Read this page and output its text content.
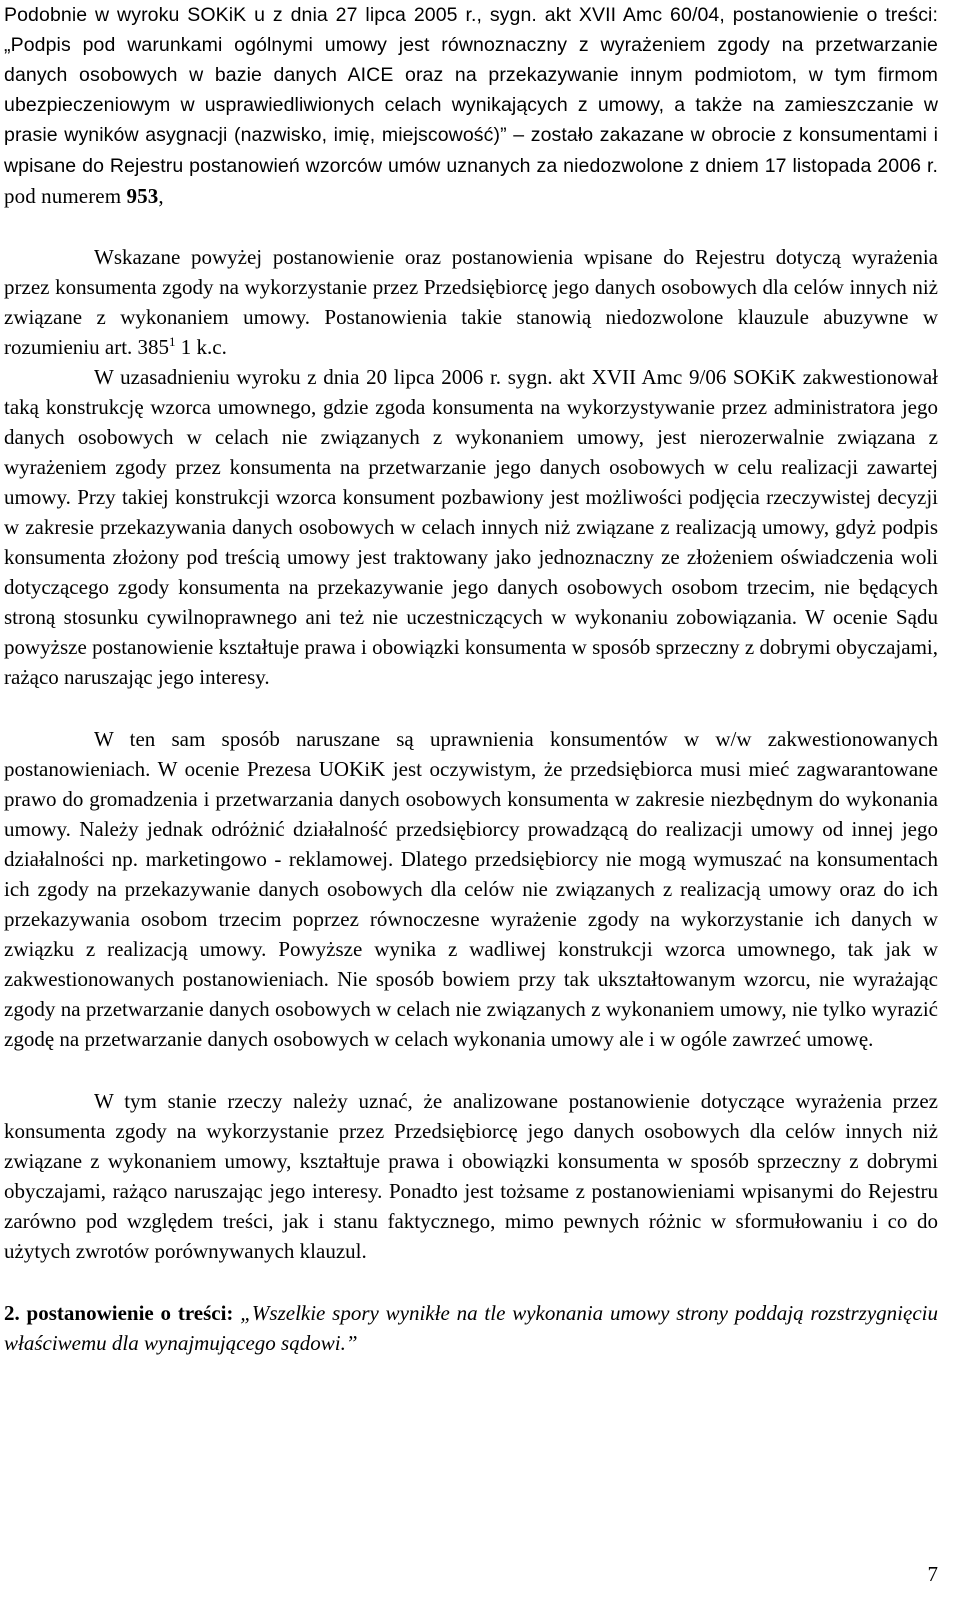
Podobnie w wyroku SOKiK u z dnia 27 lipca 2005 r., sygn. akt XVII Amc 60/04, postanowienie o treści: „Podpis pod warunkami ogólnymi umowy jest równoznaczny z wyrażeniem zgody na przetwarzanie danych osobowych w bazie danych AICE oraz na przekazywanie innym podmiotom, w tym firmom ubezpieczeniowym w usprawiedliwionych celach wynikających z umowy, a także na zamieszczanie w prasie wyników asygnacji (nazwisko, imię, miejscowość)” – zostało zakazane w obrocie z konsumentami i wpisane do Rejestru postanowień wzorców umów uznanych za niedozwolone z dniem 17 listopada 2006 r. pod numerem 953,

Wskazane powyżej postanowienie oraz postanowienia wpisane do Rejestru dotyczą wyrażenia przez konsumenta zgody na wykorzystanie przez Przedsiębiorcę jego danych osobowych dla celów innych niż związane z wykonaniem umowy. Postanowienia takie stanowią niedozwolone klauzule abuzywne w rozumieniu art. $385^1$ 1 k.c.

W uzasadnieniu wyroku z dnia 20 lipca 2006 r. sygn. akt XVII Amc 9/06 SOKiK zakwestionował taką konstrukcję wzorca umownego, gdzie zgoda konsumenta na wykorzystywanie przez administratora jego danych osobowych w celach nie związanych z wykonaniem umowy, jest nierozerwalnie związana z wyrażeniem zgody przez konsumenta na przetwarzanie jego danych osobowych w celu realizacji zawartej umowy. Przy takiej konstrukcji wzorca konsument pozbawiony jest możliwości podjęcia rzeczywistej decyzji w zakresie przekazywania danych osobowych w celach innych niż związane z realizacją umowy, gdyż podpis konsumenta złożony pod treścią umowy jest traktowany jako jednoznaczny ze złożeniem oświadczenia woli dotyczącego zgody konsumenta na przekazywanie jego danych osobowych osobom trzecim, nie będących stroną stosunku cywilnoprawnego ani też nie uczestniczących w wykonaniu zobowiązania. W ocenie Sądu powyższe postanowienie kształtuje prawa i obowiązki konsumenta w sposób sprzeczny z dobrymi obyczajami, rażąco naruszając jego interesy.

W ten sam sposób naruszane są uprawnienia konsumentów w w/w zakwestionowanych postanowieniach. W ocenie Prezesa UOKiK jest oczywistym, że przedsiębiorca musi mieć zagwarantowane prawo do gromadzenia i przetwarzania danych osobowych konsumenta w zakresie niezbędnym do wykonania umowy. Należy jednak odróżnić działalność przedsiębiorcy prowadzącą do realizacji umowy od innej jego działalności np. marketingowo - reklamowej. Dlatego przedsiębiorcy nie mogą wymuszać na konsumentach ich zgody na przekazywanie danych osobowych dla celów nie związanych z realizacją umowy oraz do ich przekazywania osobom trzecim poprzez równoczesne wyrażenie zgody na wykorzystanie ich danych w związku z realizacją umowy. Powyższe wynika z wadliwej konstrukcji wzorca umownego, tak jak w zakwestionowanych postanowieniach. Nie sposób bowiem przy tak ukształtowanym wzorcu, nie wyrażając zgody na przetwarzanie danych osobowych w celach nie związanych z wykonaniem umowy, nie tylko wyrazić zgodę na przetwarzanie danych osobowych w celach wykonania umowy ale i w ogóle zawrzeć umowę.

W tym stanie rzeczy należy uznać, że analizowane postanowienie dotyczące wyrażenia przez konsumenta zgody na wykorzystanie przez Przedsiębiorcę jego danych osobowych dla celów innych niż związane z wykonaniem umowy, kształtuje prawa i obowiązki konsumenta w sposób sprzeczny z dobrymi obyczajami, rażąco naruszając jego interesy. Ponadto jest tożsame z postanowieniami wpisanymi do Rejestru zarówno pod względem treści, jak i stanu faktycznego, mimo pewnych różnic w sformułowaniu i co do użytych zwrotów porównywanych klauzul.

2. postanowienie o treści: „Wszelkie spory wynikłe na tle wykonania umowy strony poddają rozstrzygnięciu właściwemu dla wynajmującego sądowi.”

7
